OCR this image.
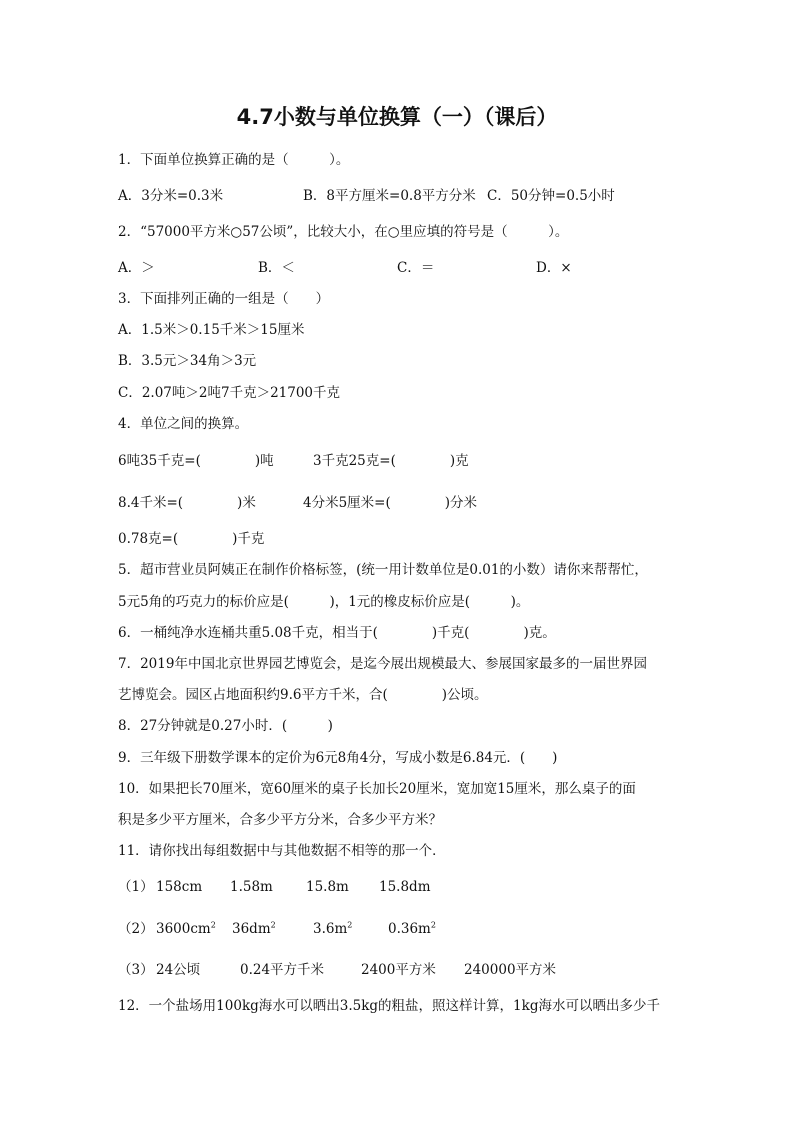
4.7小数与单位换算（一）（课后）
1．下面单位换算正确的是（　　　）。
A．3分米=0.3米	B．8平方厘米=0.8平方分米 C．50分钟=0.5小时
2．“57000平方米○57公顷”，比较大小，在○里应填的符号是（　　　）。
A．＞	B．＜	C．＝	D．×
3．下面排列正确的一组是（　　）
A．1.5米＞0.15千米＞15厘米
B．3.5元＞34角＞3元
C．2.07吨＞2吨7千克＞21700千克
4．单位之间的换算。
6吨35千克=(　　　　)吨	3千克25克=(　　　　)克
8.4千米=(　　　　)米	4分米5厘米=(　　　　)分米
0.78克=(　　　　)千克
5．超市营业员阿姨正在制作价格标签，(统一用计数单位是0.01的小数）请你来帮帮忙，
5元5角的巧克力的标价应是(　　　)，1元的橡皮标价应是(　　　)。
6．一桶纯净水连桶共重5.08千克，相当于(　　　　)千克(　　　　)克。
7．2019年中国北京世界园艺博览会，是迄今展出规模最大、参展国家最多的一届世界园
艺博览会。园区占地面积约9.6平方千米，合(　　　　)公顷。
8．27分钟就是0.27小时．(　　　)
9．三年级下册数学课本的定价为6元8角4分，写成小数是6.84元．(　　)
10．如果把长70厘米，宽60厘米的桌子长加长20厘米，宽加宽15厘米，那么桌子的面
积是多少平方厘米，合多少平方分米，合多少平方米？
11．请你找出每组数据中与其他数据不相等的那一个．
（1） 158cm 1.58m 15.8m 15.8dm
（2） $3600cm^2$ $36dm^2$	$3.6m^2$	$0.36m^2$
（3） 24公顷	0.24平方千米	2400平方米 240000平方米
12．一个盐场用100kg海水可以晒出3.5kg的粗盐，照这样计算，1kg海水可以晒出多少千
